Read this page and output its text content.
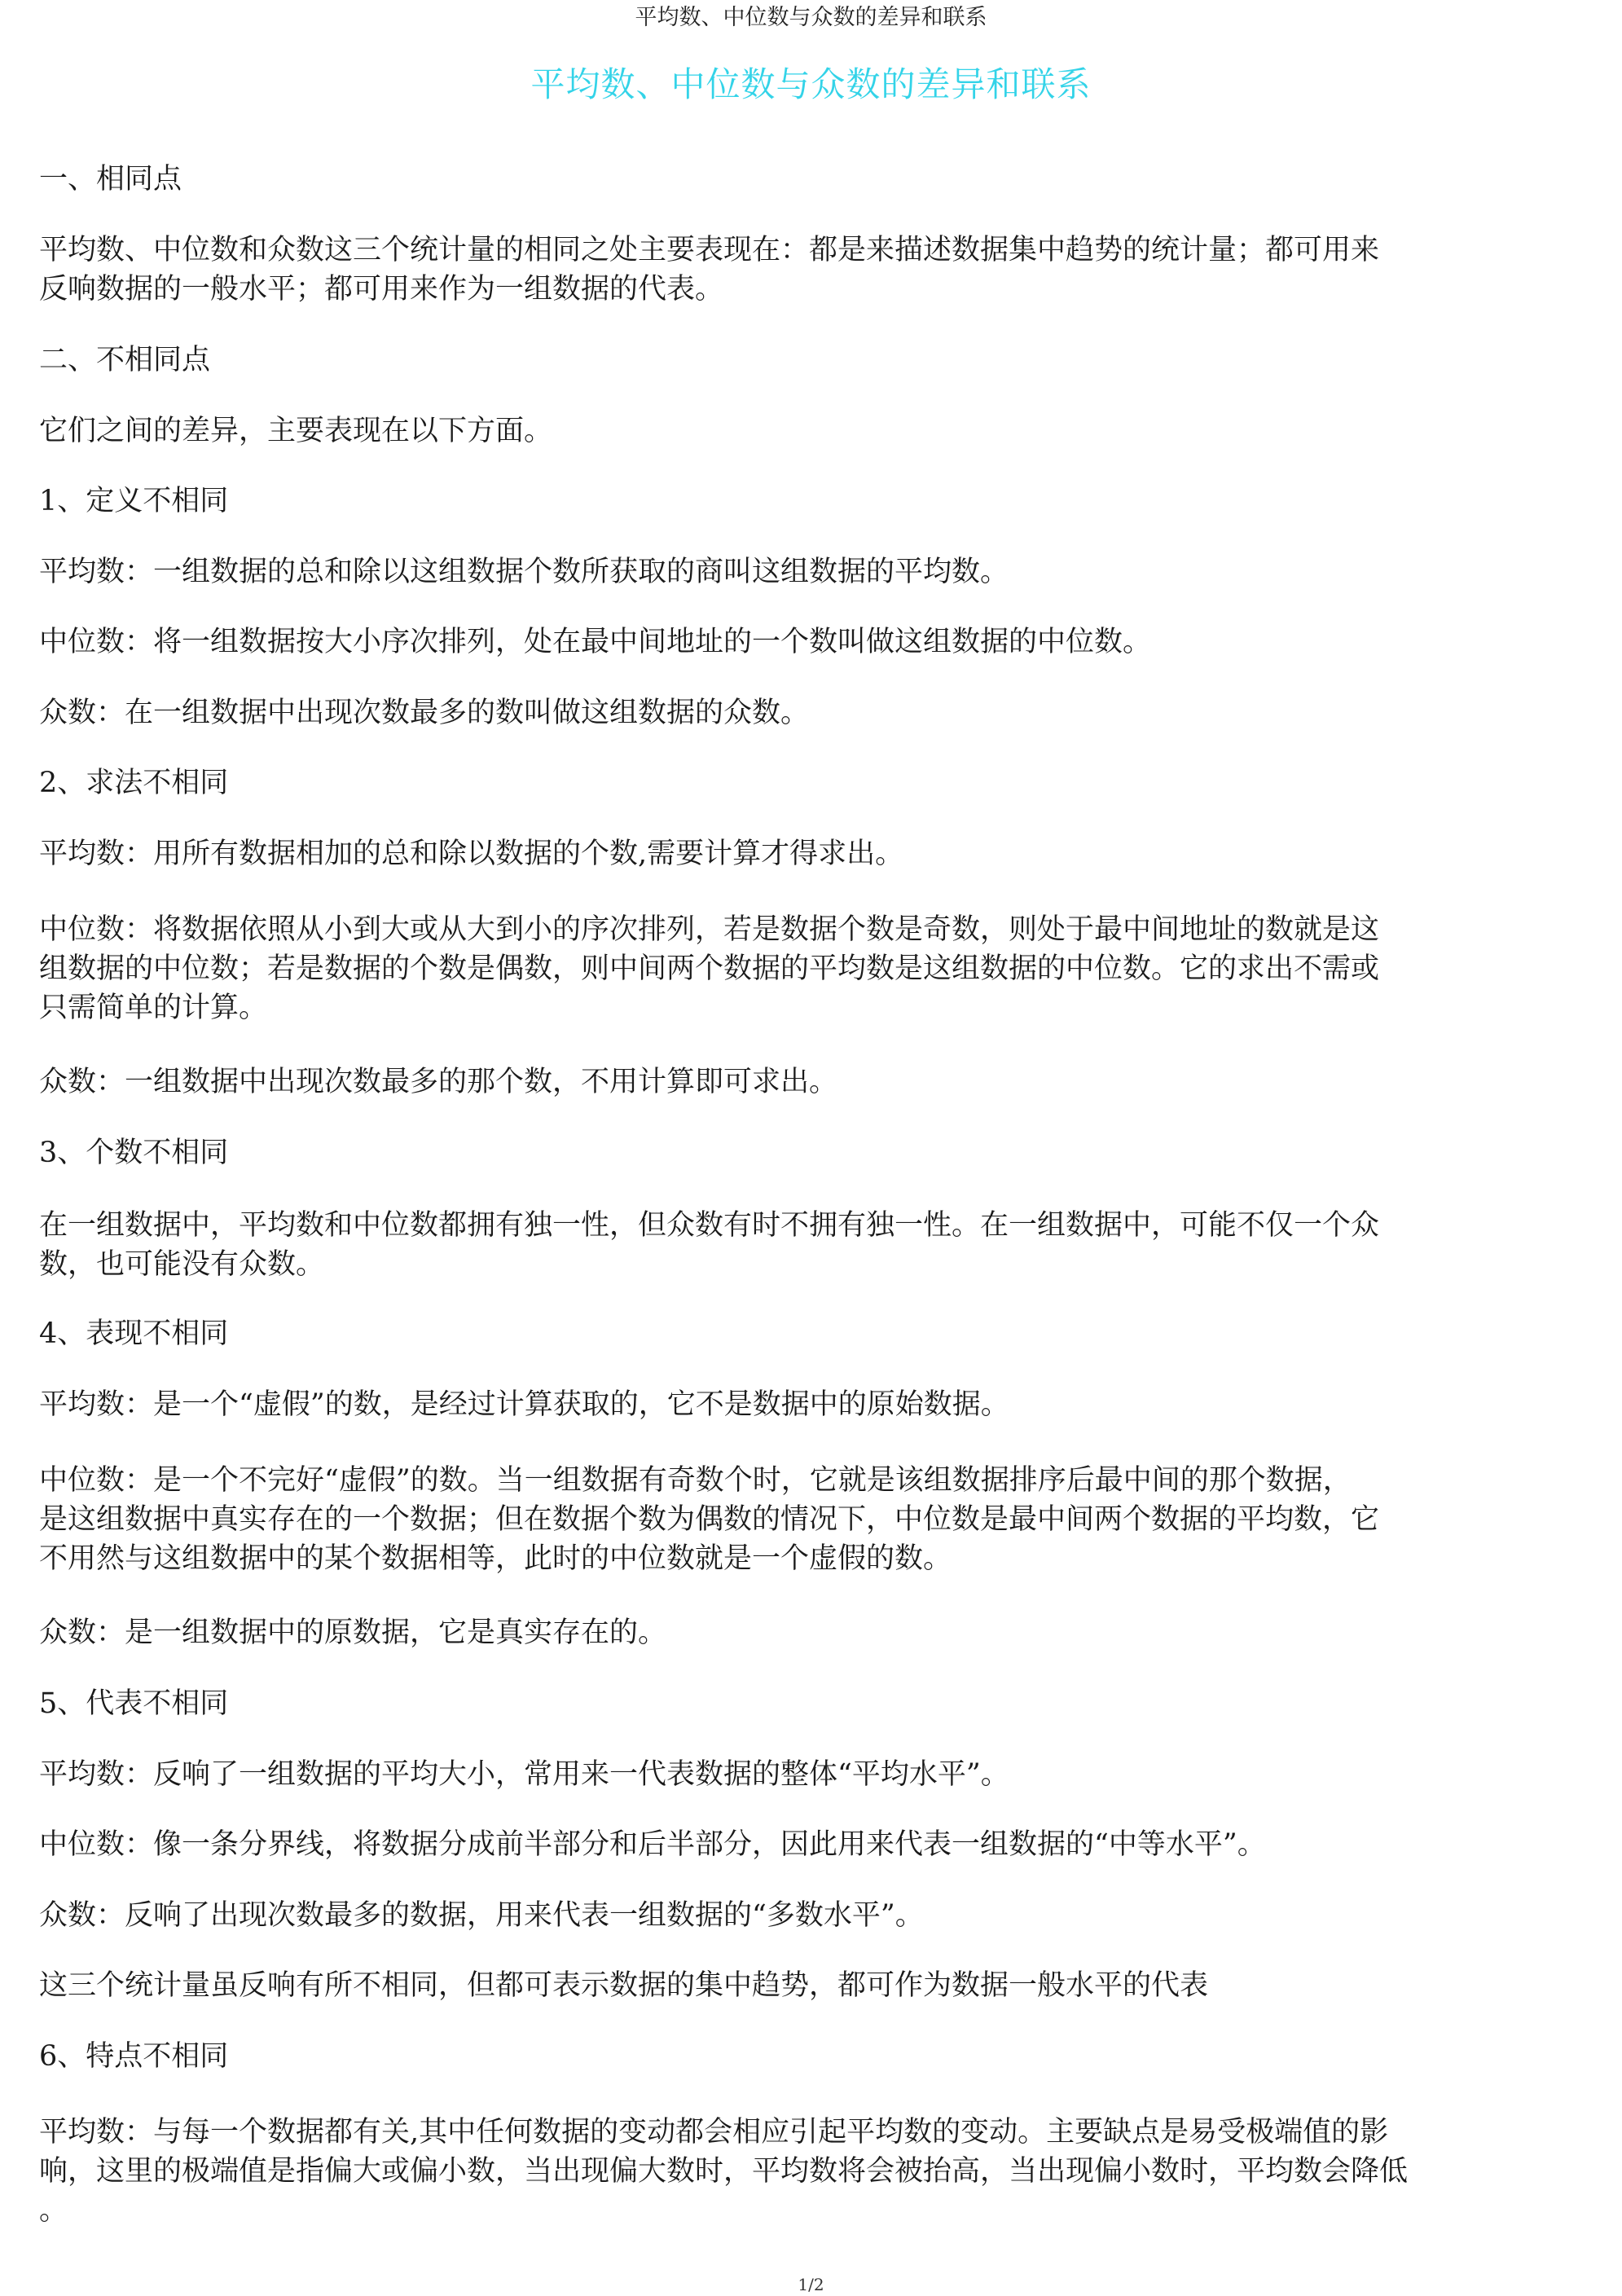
平均数、中位数与众数的差异和联系
平均数、中位数与众数的差异和联系
一、相同点
平均数、中位数和众数这三个统计量的相同之处主要表现在：都是来描述数据集中趋势的统计量；都可用来
反响数据的一般水平；都可用来作为一组数据的代表。
二、不相同点
它们之间的差异，主要表现在以下方面。
1、定义不相同
平均数：一组数据的总和除以这组数据个数所获取的商叫这组数据的平均数。
中位数：将一组数据按大小序次排列，处在最中间地址的一个数叫做这组数据的中位数。
众数：在一组数据中出现次数最多的数叫做这组数据的众数。
2、求法不相同
平均数：用所有数据相加的总和除以数据的个数,需要计算才得求出。
中位数：将数据依照从小到大或从大到小的序次排列，若是数据个数是奇数，则处于最中间地址的数就是这
组数据的中位数；若是数据的个数是偶数，则中间两个数据的平均数是这组数据的中位数。它的求出不需或
只需简单的计算。
众数：一组数据中出现次数最多的那个数，不用计算即可求出。
3、个数不相同
在一组数据中，平均数和中位数都拥有独一性，但众数有时不拥有独一性。在一组数据中，可能不仅一个众
数，也可能没有众数。
4、表现不相同
平均数：是一个“虚假”的数，是经过计算获取的，它不是数据中的原始数据。
中位数：是一个不完好“虚假”的数。当一组数据有奇数个时，它就是该组数据排序后最中间的那个数据，
是这组数据中真实存在的一个数据；但在数据个数为偶数的情况下，中位数是最中间两个数据的平均数，它
不用然与这组数据中的某个数据相等，此时的中位数就是一个虚假的数。
众数：是一组数据中的原数据，它是真实存在的。
5、代表不相同
平均数：反响了一组数据的平均大小，常用来一代表数据的整体“平均水平”。
中位数：像一条分界线，将数据分成前半部分和后半部分，因此用来代表一组数据的“中等水平”。
众数：反响了出现次数最多的数据，用来代表一组数据的“多数水平”。
这三个统计量虽反响有所不相同，但都可表示数据的集中趋势，都可作为数据一般水平的代表
6、特点不相同
平均数：与每一个数据都有关,其中任何数据的变动都会相应引起平均数的变动。主要缺点是易受极端值的影
响，这里的极端值是指偏大或偏小数，当出现偏大数时，平均数将会被抬高，当出现偏小数时，平均数会降低
。
1/2
